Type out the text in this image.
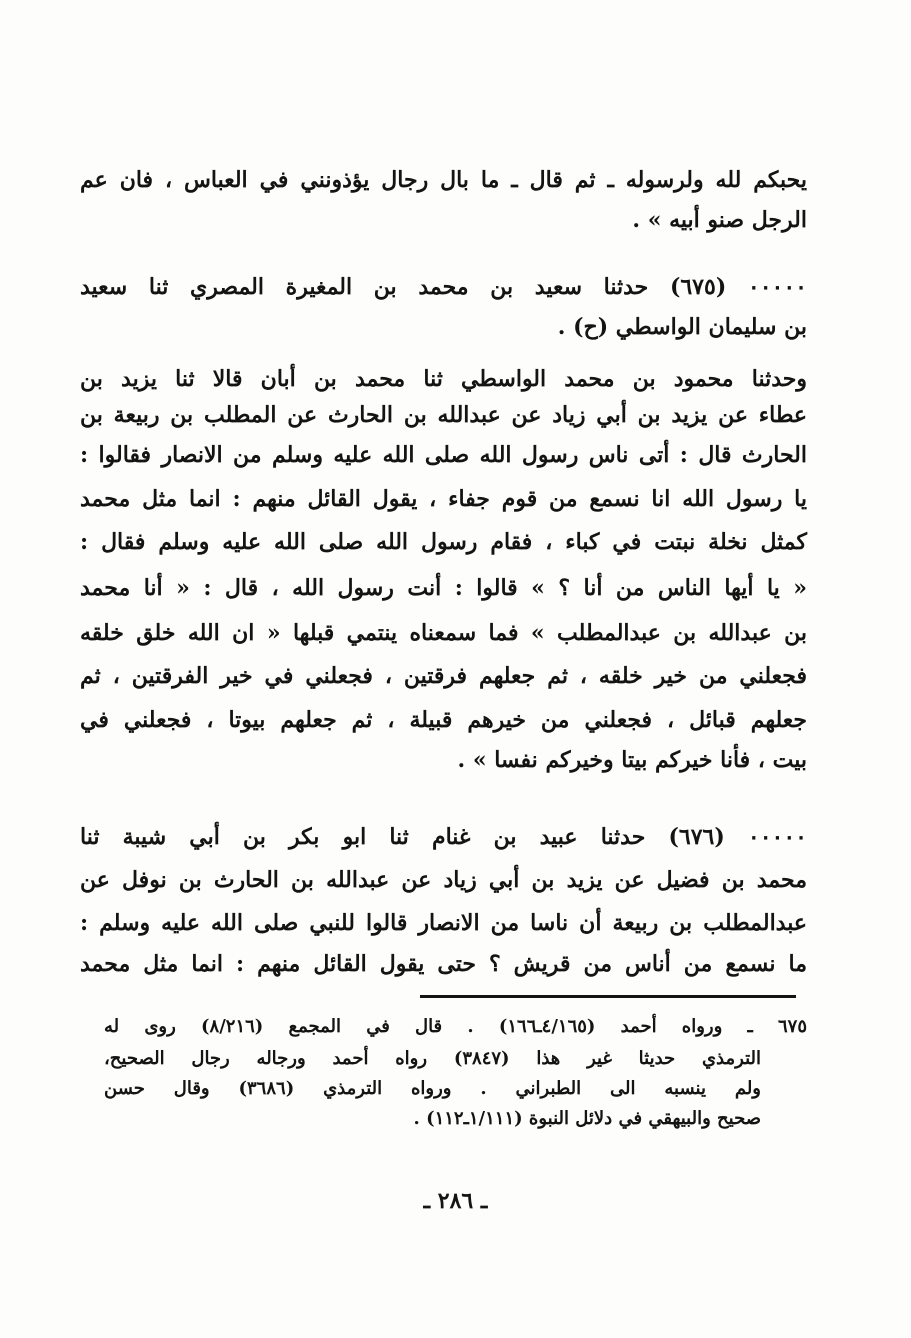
يحبكم لله ولرسوله ـ ثم قال ـ ما بال رجال يؤذونني في العباس ، فان عم
الرجل صنو أبيه » .
٠٠٠٠٠ (٦٧٥) حدثنا سعيد بن محمد بن المغيرة المصري ثنا سعيد
بن سليمان الواسطي (ح) .
وحدثنا محمود بن محمد الواسطي ثنا محمد بن أبان قالا ثنا يزيد بن
عطاء عن يزيد بن أبي زياد عن عبدالله بن الحارث عن المطلب بن ربيعة بن
الحارث قال : أتى ناس رسول الله صلى الله عليه وسلم من الانصار فقالوا :
يا رسول الله انا نسمع من قوم جفاء ، يقول القائل منهم : انما مثل محمد
كمثل نخلة نبتت في كباء ، فقام رسول الله صلى الله عليه وسلم فقال :
« يا أيها الناس من أنا ؟ » قالوا : أنت رسول الله ، قال : « أنا محمد
بن عبدالله بن عبدالمطلب » فما سمعناه ينتمي قبلها « ان الله خلق خلقه
فجعلني من خير خلقه ، ثم جعلهم فرقتين ، فجعلني في خير الفرقتين ، ثم
جعلهم قبائل ، فجعلني من خيرهم قبيلة ، ثم جعلهم بيوتا ، فجعلني في
بيت ، فأنا خيركم بيتا وخيركم نفسا » .
٠٠٠٠٠ (٦٧٦) حدثنا عبيد بن غنام ثنا ابو بكر بن أبي شيبة ثنا
محمد بن فضيل عن يزيد بن أبي زياد عن عبدالله بن الحارث بن نوفل عن
عبدالمطلب بن ربيعة أن ناسا من الانصار قالوا للنبي صلى الله عليه وسلم :
ما نسمع من أناس من قريش ؟ حتى يقول القائل منهم : انما مثل محمد
٦٧٥ ـ ورواه أحمد (٤/١٦٥ـ١٦٦) . قال في المجمع (٨/٢١٦) روى له
الترمذي حديثا غير هذا (٣٨٤٧) رواه أحمد ورجاله رجال الصحيح،
ولم ينسبه الى الطبراني . ورواه الترمذي (٣٦٨٦) وقال حسن
صحيح والبيهقي في دلائل النبوة (١/١١١ـ١١٢) .
ـ ٢٨٦ ـ
